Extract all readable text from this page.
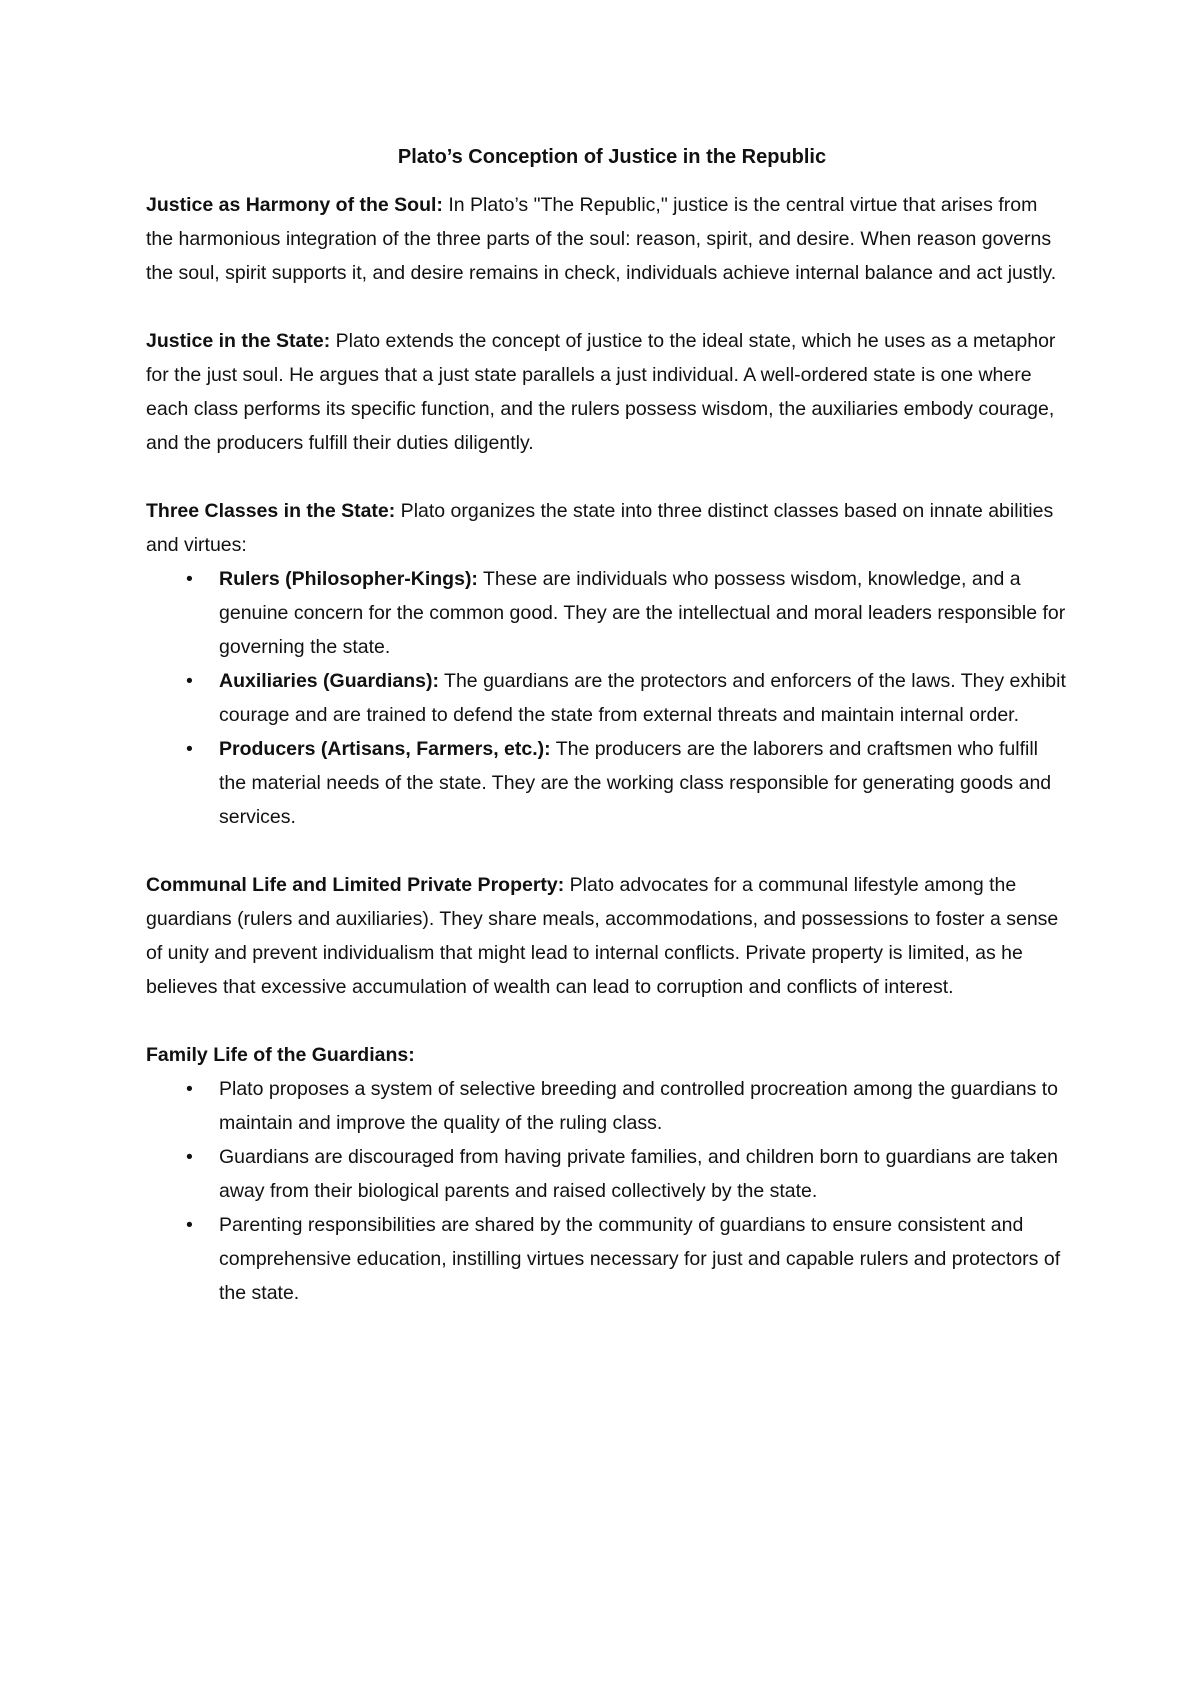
Plato’s Conception of Justice in the Republic

Justice as Harmony of the Soul: In Plato’s "The Republic," justice is the central virtue that arises from the harmonious integration of the three parts of the soul: reason, spirit, and desire. When reason governs the soul, spirit supports it, and desire remains in check, individuals achieve internal balance and act justly.

Justice in the State: Plato extends the concept of justice to the ideal state, which he uses as a metaphor for the just soul. He argues that a just state parallels a just individual. A well-ordered state is one where each class performs its specific function, and the rulers possess wisdom, the auxiliaries embody courage, and the producers fulfill their duties diligently.

Three Classes in the State: Plato organizes the state into three distinct classes based on innate abilities and virtues:

• Rulers (Philosopher-Kings): These are individuals who possess wisdom, knowledge, and a genuine concern for the common good. They are the intellectual and moral leaders responsible for governing the state.
• Auxiliaries (Guardians): The guardians are the protectors and enforcers of the laws. They exhibit courage and are trained to defend the state from external threats and maintain internal order.
• Producers (Artisans, Farmers, etc.): The producers are the laborers and craftsmen who fulfill the material needs of the state. They are the working class responsible for generating goods and services.

Communal Life and Limited Private Property: Plato advocates for a communal lifestyle among the guardians (rulers and auxiliaries). They share meals, accommodations, and possessions to foster a sense of unity and prevent individualism that might lead to internal conflicts. Private property is limited, as he believes that excessive accumulation of wealth can lead to corruption and conflicts of interest.

Family Life of the Guardians:

• Plato proposes a system of selective breeding and controlled procreation among the guardians to maintain and improve the quality of the ruling class.
• Guardians are discouraged from having private families, and children born to guardians are taken away from their biological parents and raised collectively by the state.
• Parenting responsibilities are shared by the community of guardians to ensure consistent and comprehensive education, instilling virtues necessary for just and capable rulers and protectors of the state.
